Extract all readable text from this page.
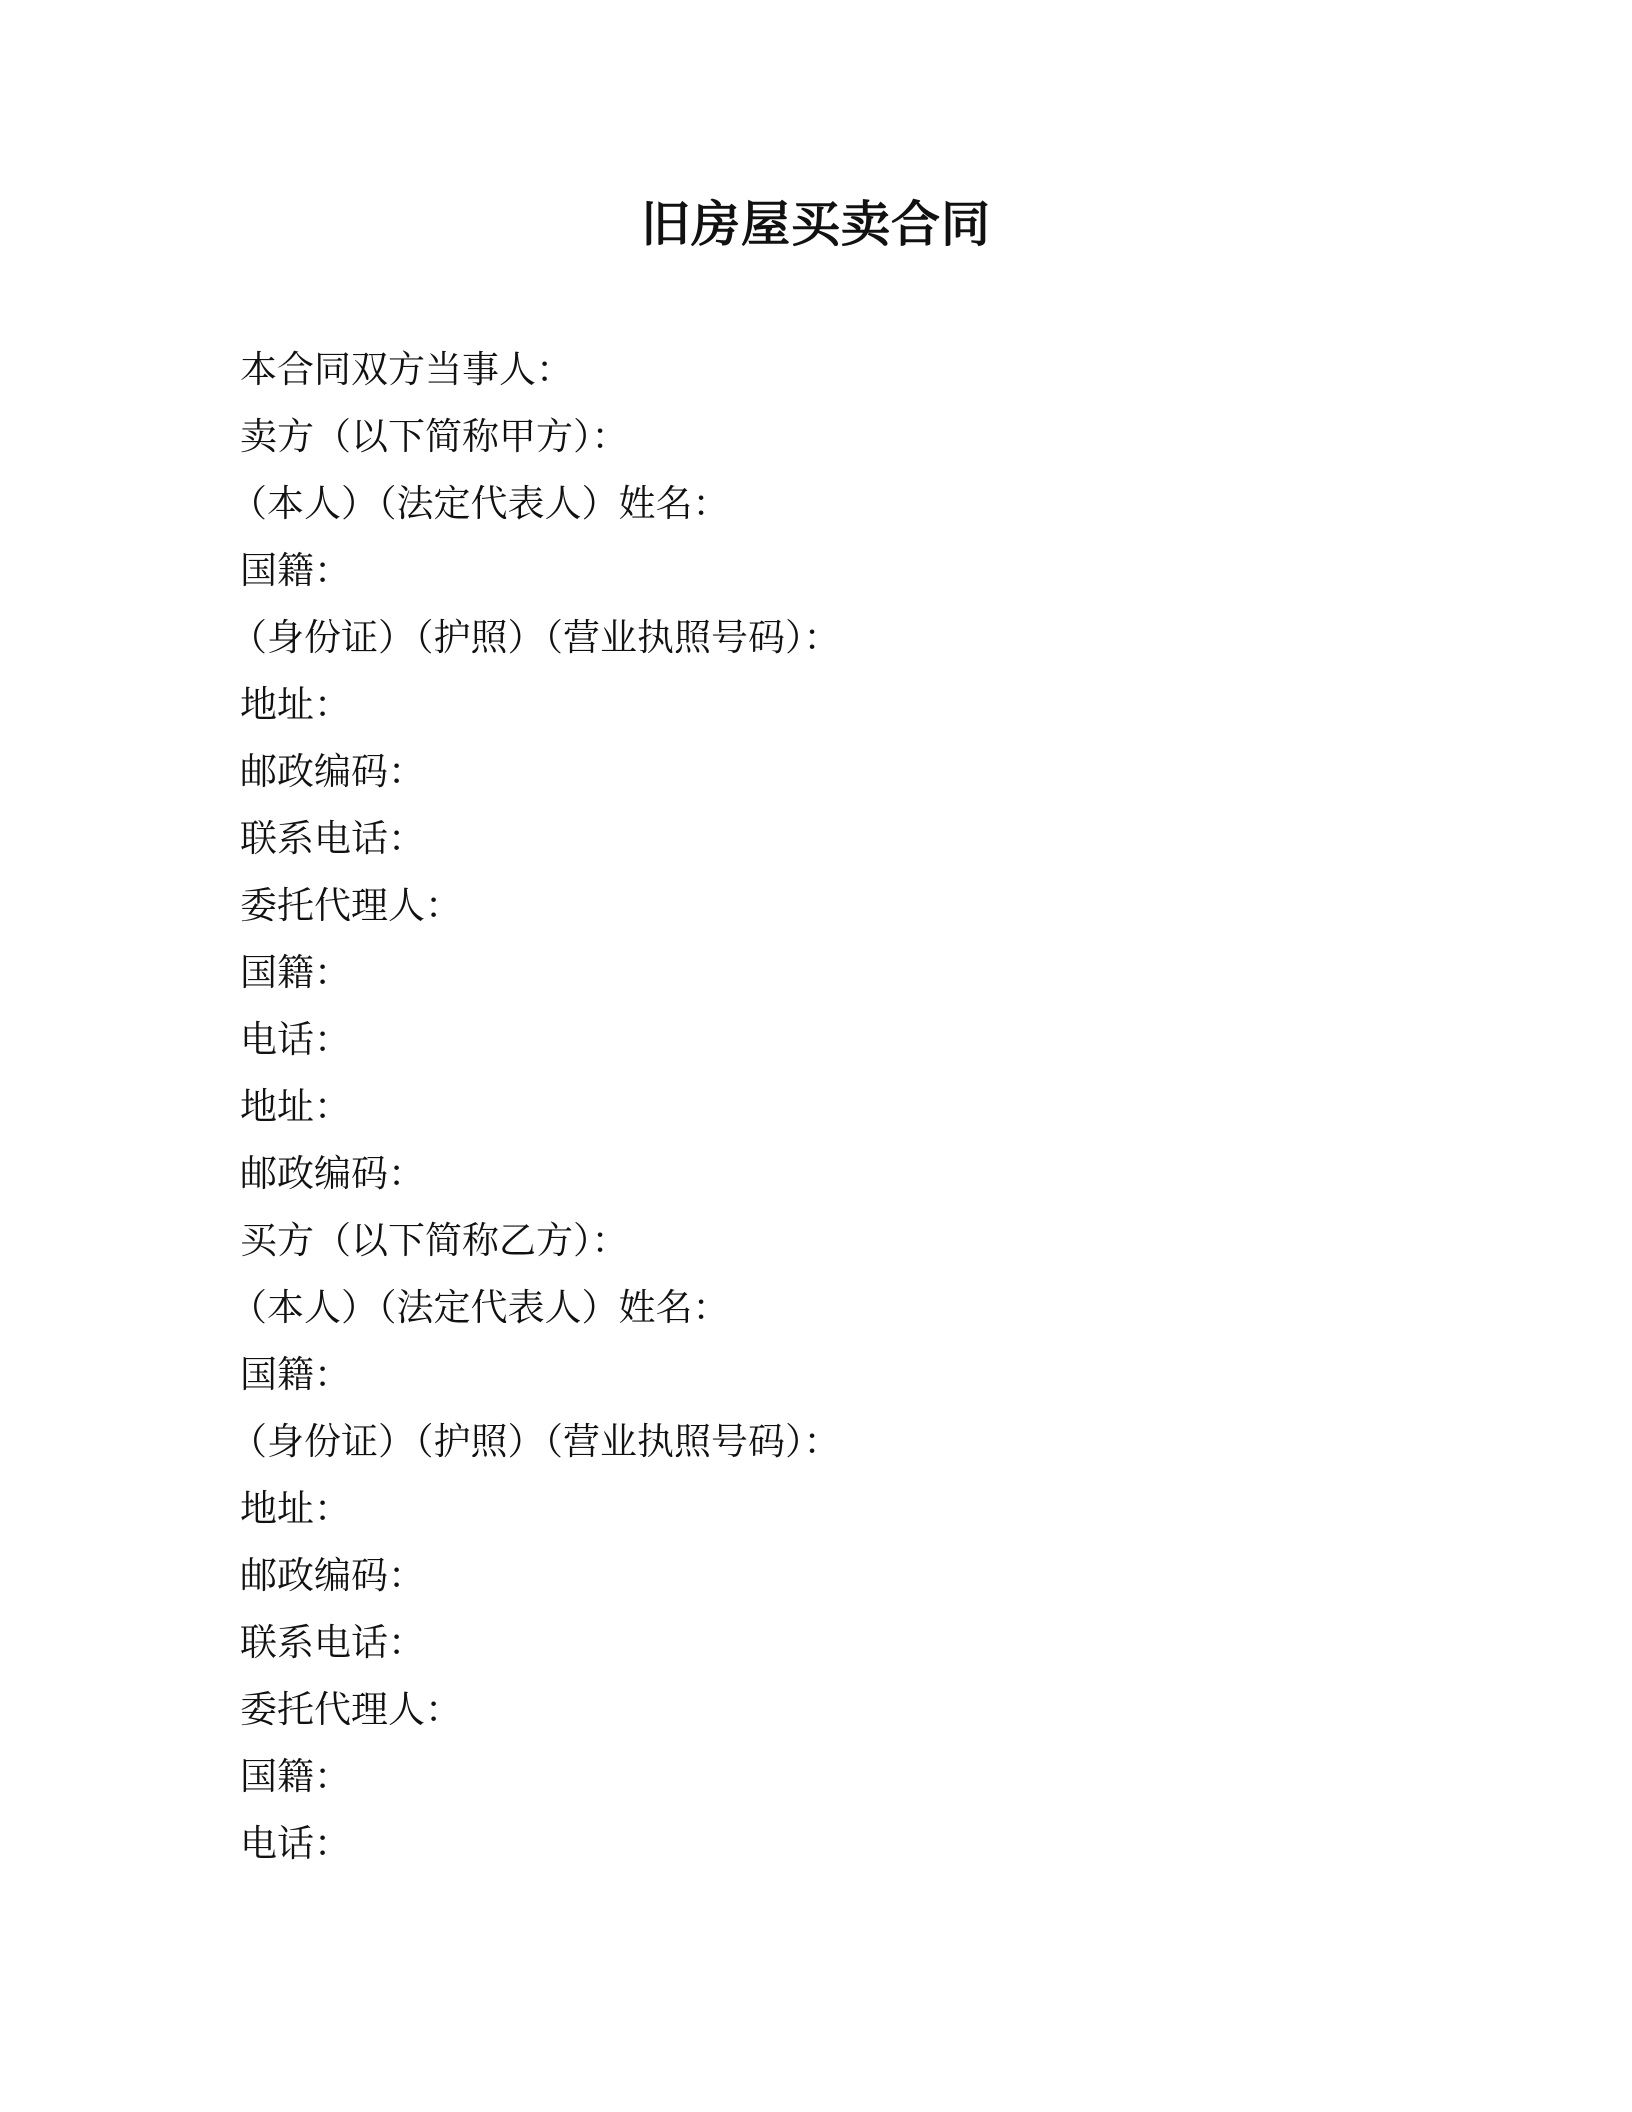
旧房屋买卖合同
本合同双方当事人：
卖方（以下简称甲方）：
（本人）（法定代表人）姓名：
国籍：
（身份证）（护照）（营业执照号码）：
地址：
邮政编码：
联系电话：
委托代理人：
国籍：
电话：
地址：
邮政编码：
买方（以下简称乙方）：
（本人）（法定代表人）姓名：
国籍：
（身份证）（护照）（营业执照号码）：
地址：
邮政编码：
联系电话：
委托代理人：
国籍：
电话：
